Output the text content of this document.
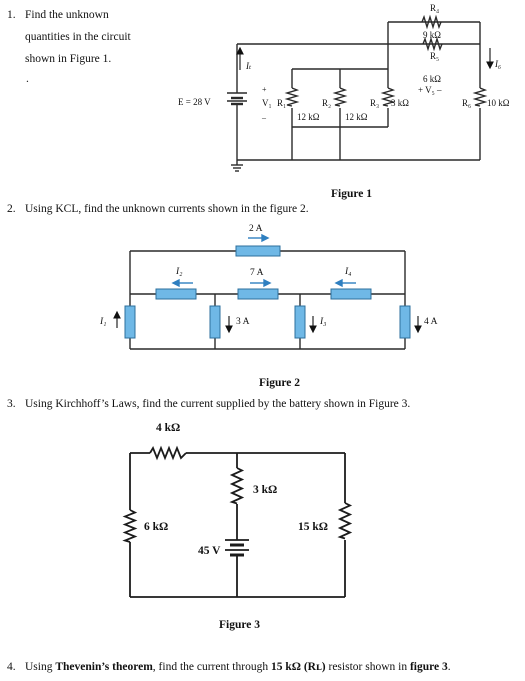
1. Find the unknown
quantities in the circuit
shown in Figure 1.
.
R₄
9 kΩ
R₅
6 kΩ
+ V₅ –
E = 28 V
Iₜ	I₆
+
V₁
–
R₁
12 kΩ
R₂
12 kΩ
R₃ 3 kΩ	R₆ 10 kΩ
Figure 1
2. Using KCL, find the unknown currents shown in the figure 2.
2 A
7 A
I₂	I₄
I₁	3 A	I₃	4 A
Figure 2
3. Using Kirchhoff’s Laws, find the current supplied by the battery shown in Figure 3.
4 kΩ
6 kΩ
3 kΩ
15 kΩ
45 V
Figure 3
4. Using Thevenin’s theorem, find the current through 15 kΩ (Rʟ) resistor shown in figure 3.
